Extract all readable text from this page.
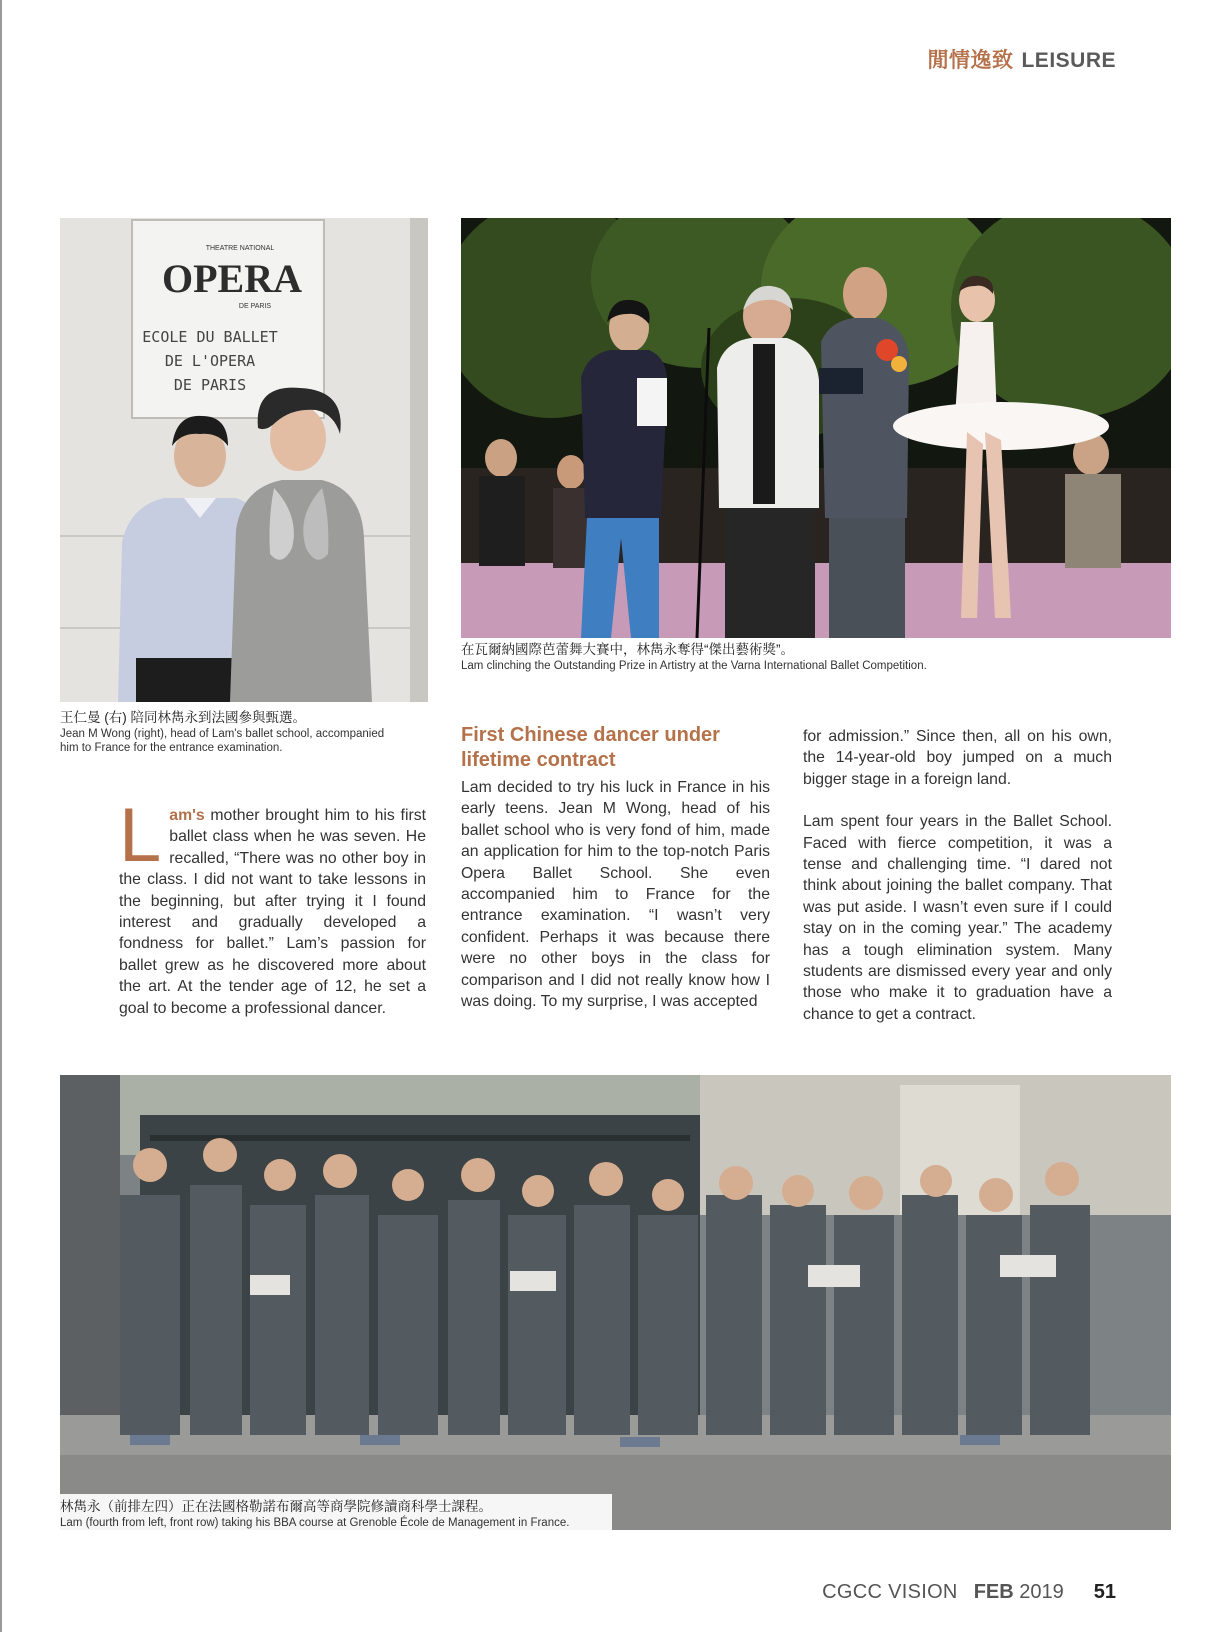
閒情逸致 LEISURE
THEATRE NATIONAL
OPERA
DE PARIS
ECOLE DU BALLET
DE L'OPERA
DE PARIS
王仁曼 (右) 陪同林雋永到法國參與甄選。
Jean M Wong (right), head of Lam's ballet school, accompanied
him to France for the entrance examination.
在瓦爾納國際芭蕾舞大賽中，林雋永奪得“傑出藝術獎”。
Lam clinching the Outstanding Prize in Artistry at the Varna International Ballet Competition.

Lam's mother brought him to his first ballet class when he was seven. He recalled, “There was no other boy in the class. I did not want to take lessons in the beginning, but after trying it I found interest and gradually developed a fondness for ballet.” Lam’s passion for ballet grew as he discovered more about the art. At the tender age of 12, he set a goal to become a professional dancer.

First Chinese dancer under lifetime contract

Lam decided to try his luck in France in his early teens. Jean M Wong, head of his ballet school who is very fond of him, made an application for him to the top-notch Paris Opera Ballet School. She even accompanied him to France for the entrance examination. “I wasn’t very confident. Perhaps it was because there were no other boys in the class for comparison and I did not really know how I was doing. To my surprise, I was accepted

for admission.” Since then, all on his own, the 14-year-old boy jumped on a much bigger stage in a foreign land.

Lam spent four years in the Ballet School. Faced with fierce competition, it was a tense and challenging time. “I dared not think about joining the ballet company. That was put aside. I wasn’t even sure if I could stay on in the coming year.” The academy has a tough elimination system. Many students are dismissed every year and only those who make it to graduation have a chance to get a contract.

林雋永（前排左四）正在法國格勒諾布爾高等商學院修讀商科學士課程。
Lam (fourth from left, front row) taking his BBA course at Grenoble École de Management in France.
CGCC VISION FEB 2019 51
